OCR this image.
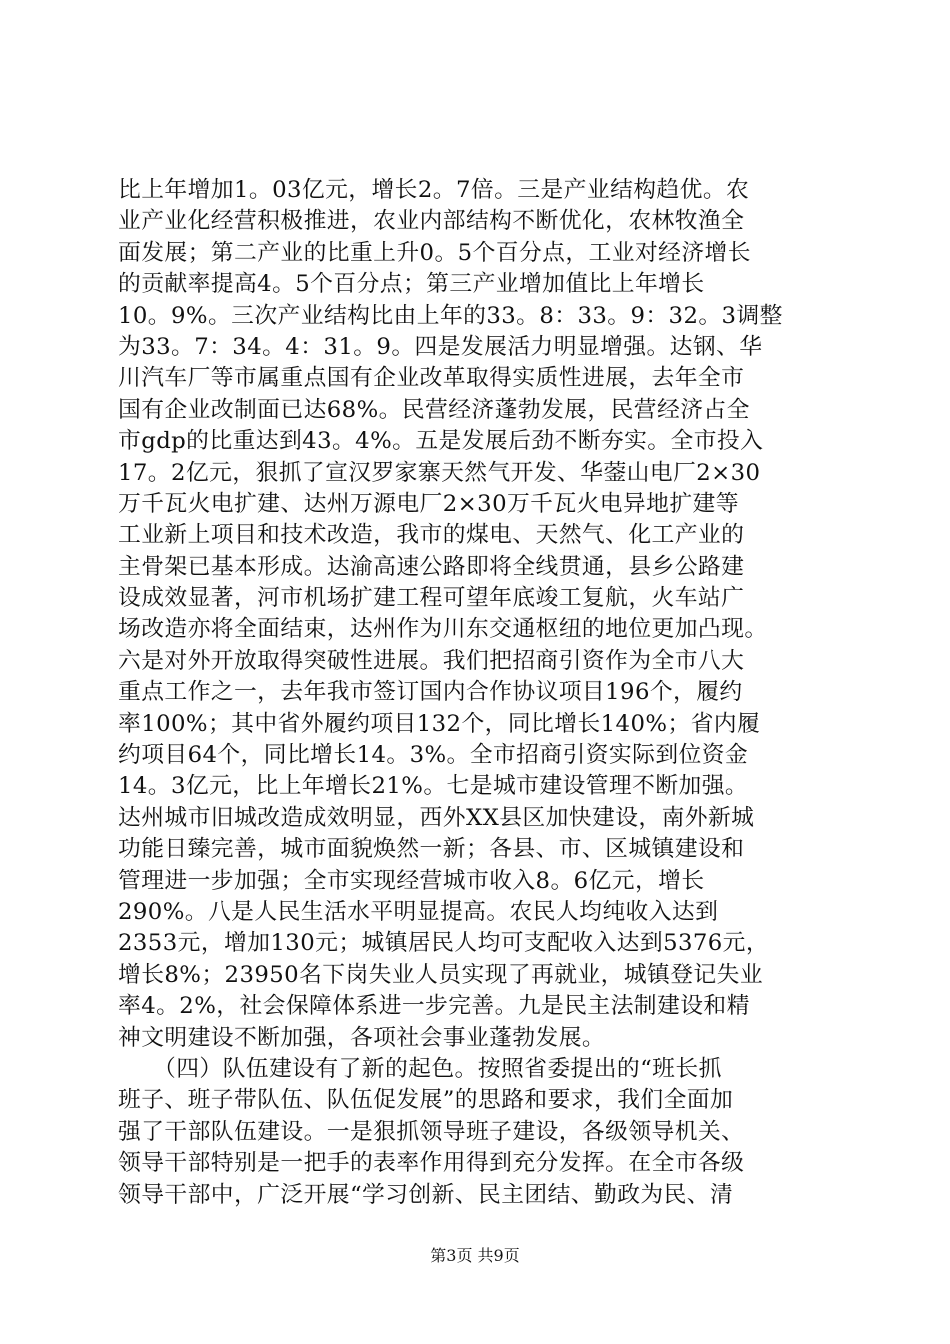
比上年增加1。03亿元，增长2。7倍。三是产业结构趋优。农
业产业化经营积极推进，农业内部结构不断优化，农林牧渔全
面发展；第二产业的比重上升0。5个百分点，工业对经济增长
的贡献率提高4。5个百分点；第三产业增加值比上年增长
10。9%。三次产业结构比由上年的33。8：33。9：32。3调整
为33。7：34。4：31。9。四是发展活力明显增强。达钢、华
川汽车厂等市属重点国有企业改革取得实质性进展，去年全市
国有企业改制面已达68%。民营经济蓬勃发展，民营经济占全
市gdp的比重达到43。4%。五是发展后劲不断夯实。全市投入
17。2亿元，狠抓了宣汉罗家寨天然气开发、华蓥山电厂2×30
万千瓦火电扩建、达州万源电厂2×30万千瓦火电异地扩建等
工业新上项目和技术改造，我市的煤电、天然气、化工产业的
主骨架已基本形成。达渝高速公路即将全线贯通，县乡公路建
设成效显著，河市机场扩建工程可望年底竣工复航，火车站广
场改造亦将全面结束，达州作为川东交通枢纽的地位更加凸现。
六是对外开放取得突破性进展。我们把招商引资作为全市八大
重点工作之一，去年我市签订国内合作协议项目196个，履约
率100%；其中省外履约项目132个，同比增长140%；省内履
约项目64个，同比增长14。3%。全市招商引资实际到位资金
14。3亿元，比上年增长21%。七是城市建设管理不断加强。
达州城市旧城改造成效明显，西外XX县区加快建设，南外新城
功能日臻完善，城市面貌焕然一新；各县、市、区城镇建设和
管理进一步加强；全市实现经营城市收入8。6亿元，增长
290%。八是人民生活水平明显提高。农民人均纯收入达到
2353元，增加130元；城镇居民人均可支配收入达到5376元，
增长8%；23950名下岗失业人员实现了再就业，城镇登记失业
率4。2%，社会保障体系进一步完善。九是民主法制建设和精
神文明建设不断加强，各项社会事业蓬勃发展。
　　（四）队伍建设有了新的起色。按照省委提出的“班长抓
班子、班子带队伍、队伍促发展”的思路和要求，我们全面加
强了干部队伍建设。一是狠抓领导班子建设，各级领导机关、
领导干部特别是一把手的表率作用得到充分发挥。在全市各级
领导干部中，广泛开展“学习创新、民主团结、勤政为民、清
第3页 共9页
